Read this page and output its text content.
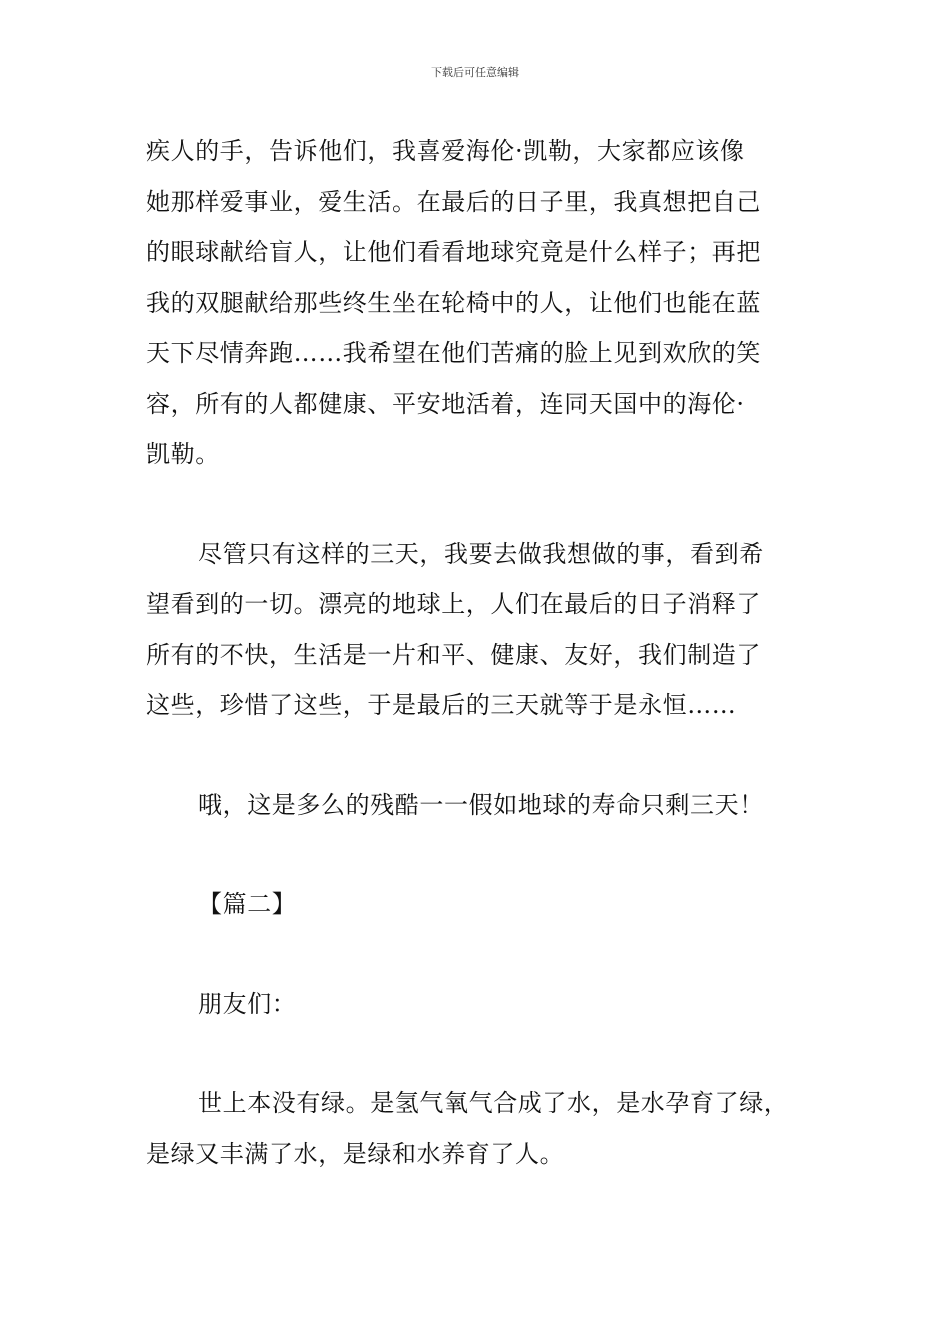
下载后可任意编辑
疾人的手，告诉他们，我喜爱海伦·凯勒，大家都应该像
她那样爱事业，爱生活。在最后的日子里，我真想把自己
的眼球献给盲人，让他们看看地球究竟是什么样子；再把
我的双腿献给那些终生坐在轮椅中的人，让他们也能在蓝
天下尽情奔跑……我希望在他们苦痛的脸上见到欢欣的笑
容，所有的人都健康、平安地活着，连同天国中的海伦·
凯勒。
尽管只有这样的三天，我要去做我想做的事，看到希
望看到的一切。漂亮的地球上，人们在最后的日子消释了
所有的不快，生活是一片和平、健康、友好，我们制造了
这些，珍惜了这些，于是最后的三天就等于是永恒……
哦，这是多么的残酷一一假如地球的寿命只剩三天！
【篇二】
朋友们：
世上本没有绿。是氢气氧气合成了水，是水孕育了绿，
是绿又丰满了水，是绿和水养育了人。
